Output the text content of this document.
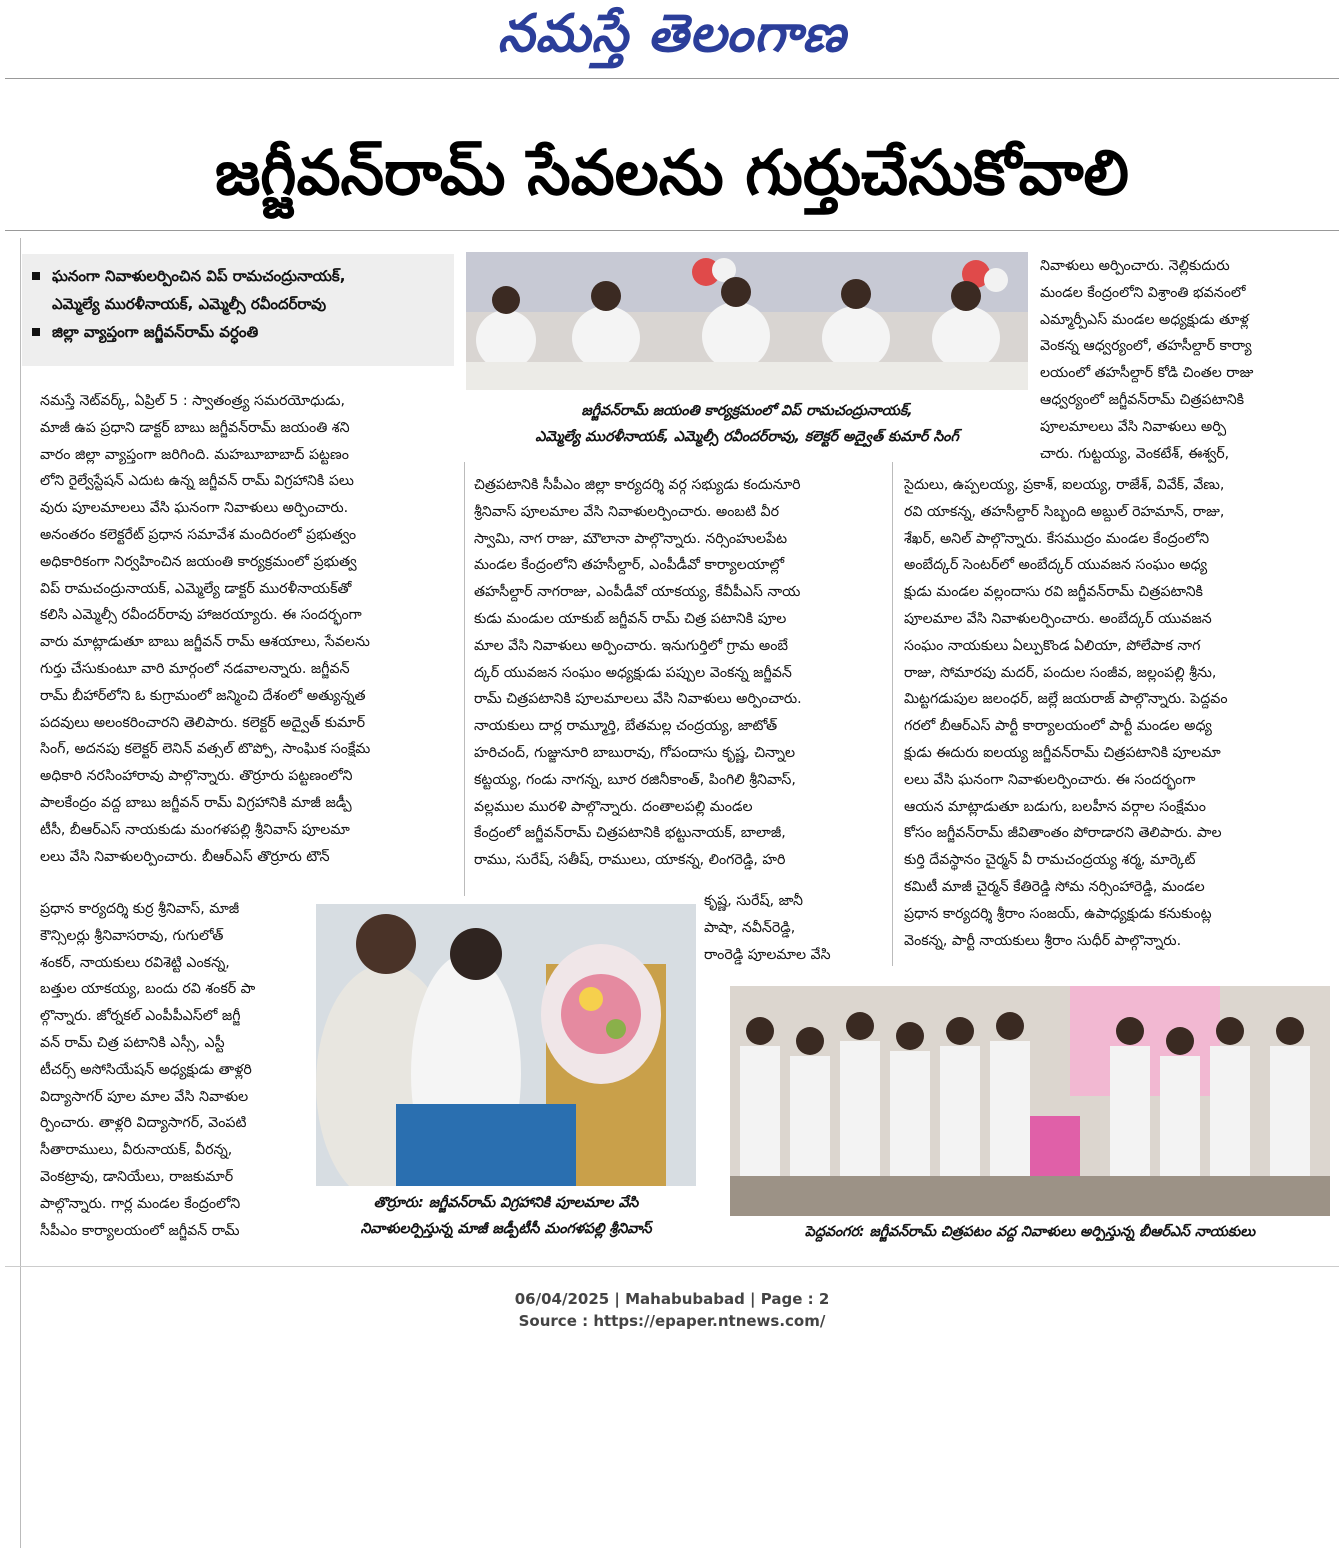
నమస్తే తెలంగాణ
జగ్జీవన్‌రామ్ సేవలను గుర్తుచేసుకోవాలి
ఘనంగా నివాళులర్పించిన విప్ రామచంద్రునాయక్,
ఎమ్మెల్యే మురళీనాయక్, ఎమ్మెల్సీ రవీందర్‌రావు
జిల్లా వ్యాప్తంగా జగ్జీవన్‌రామ్ వర్ధంతి
నమస్తే నెట్‌వర్క్, ఏప్రిల్ 5 : స్వాతంత్ర్య సమరయోధుడు,
మాజీ ఉప ప్రధాని డాక్టర్ బాబు జగ్జీవన్‌రామ్ జయంతి శని
వారం జిల్లా వ్యాప్తంగా జరిగింది. మహబూబాబాద్ పట్టణం
లోని రైల్వేస్టేషన్ ఎదుట ఉన్న జగ్జీవన్ రామ్ విగ్రహానికి పలు
వురు పూలమాలలు వేసి ఘనంగా నివాళులు అర్పించారు.
అనంతరం కలెక్టరేట్ ప్రధాన సమావేశ మందిరంలో ప్రభుత్వం
అధికారికంగా నిర్వహించిన జయంతి కార్యక్రమంలో ప్రభుత్వ
విప్ రామచంద్రునాయక్, ఎమ్మెల్యే డాక్టర్ మురళీనాయక్‌తో
కలిసి ఎమ్మెల్సీ రవీందర్‌రావు హాజరయ్యారు. ఈ సందర్భంగా
వారు మాట్లాడుతూ బాబు జగ్జీవన్ రామ్ ఆశయాలు, సేవలను
గుర్తు చేసుకుంటూ వారి మార్గంలో నడవాలన్నారు. జగ్జీవన్
రామ్ బీహార్‌లోని ఓ కుగ్రామంలో జన్మించి దేశంలో అత్యున్నత
పదవులు అలంకరించారని తెలిపారు. కలెక్టర్ అద్వైత్ కుమార్
సింగ్, అదనపు కలెక్టర్ లెనిన్ వత్సల్ టొప్పో, సాంఘిక సంక్షేమ
అధికారి నరసింహారావు పాల్గొన్నారు. తొర్రూరు పట్టణంలోని
పాలకేంద్రం వద్ద బాబు జగ్జీవన్ రామ్ విగ్రహానికి మాజీ జడ్పీ
టీసీ, బీఆర్‌ఎస్ నాయకుడు మంగళపల్లి శ్రీనివాస్ పూలమా
లలు వేసి నివాళులర్పించారు. బీఆర్‌ఎస్ తొర్రూరు టౌన్
ప్రధాన కార్యదర్శి కుర్ర శ్రీనివాస్, మాజీ
కౌన్సిలర్లు శ్రీనివాసరావు, గుగులోత్
శంకర్, నాయకులు రవిశెట్టి ఎంకన్న,
బత్తుల యాకయ్య, బందు రవి శంకర్ పా
ల్గొన్నారు. జోర్నకల్ ఎంపీపీఎస్‌లో జగ్జీ
వన్ రామ్ చిత్ర పటానికి ఎస్సీ, ఎస్టీ
టీచర్స్ అసోసియేషన్ అధ్యక్షుడు తాళ్లరి
విద్యాసాగర్ పూల మాల వేసి నివాళుల
ర్పించారు. తాళ్లరి విద్యాసాగర్, వెంపటి
సీతారాములు, వీరునాయక్, వీరన్న,
వెంకట్రావు, డానియేలు, రాజకుమార్
పాల్గొన్నారు. గార్ల మండల కేంద్రంలోని
సీపీఎం కార్యాలయంలో జగ్జీవన్ రామ్
జగ్జీవన్‌రామ్ జయంతి కార్యక్రమంలో విప్ రామచంద్రునాయక్,
ఎమ్మెల్యే మురళీనాయక్, ఎమ్మెల్సీ రవీందర్‌రావు, కలెక్టర్ అద్వైత్ కుమార్ సింగ్
చిత్రపటానికి సీపీఎం జిల్లా కార్యదర్శి వర్గ సభ్యుడు కందునూరి
శ్రీనివాస్ పూలమాల వేసి నివాళులర్పించారు. అంబటి వీర
స్వామి, నాగ రాజు, మౌలానా పాల్గొన్నారు. నర్సింహులపేట
మండల కేంద్రంలోని తహసీల్దార్, ఎంపీడీవో కార్యాలయాల్లో
తహసీల్దార్ నాగరాజు, ఎంపీడీవో యాకయ్య, కేవీపీఎస్ నాయ
కుడు మండుల యాకుబ్ జగ్జీవన్ రామ్ చిత్ర పటానికి పూల
మాల వేసి నివాళులు అర్పించారు. ఇనుగుర్తిలో గ్రామ అంబే
ద్కర్ యువజన సంఘం అధ్యక్షుడు పప్పుల వెంకన్న జగ్జీవన్
రామ్ చిత్రపటానికి పూలమాలలు వేసి నివాళులు అర్పించారు.
నాయకులు దార్ల రామ్మూర్తి, బేతమల్ల చంద్రయ్య, జాటోత్
హరిచంద్, గుజ్జునూరి బాబురావు, గోపందాసు కృష్ణ, చిన్నాల
కట్టయ్య, గండు నాగన్న, బూర రజినీకాంత్, పింగిలి శ్రీనివాస్,
వల్లముల మురళి పాల్గొన్నారు. దంతాలపల్లి మండల
కేంద్రంలో జగ్జీవన్‌రామ్ చిత్రపటానికి భట్టునాయక్, బాలాజీ,
రాము, సురేష్, సతీష్, రాములు, యాకన్న, లింగరెడ్డి, హరి
కృష్ణ, సురేష్, జానీ
పాషా, నవీన్‌రెడ్డి,
రాంరెడ్డి పూలమాల వేసి
నివాళులు అర్పించారు. నెల్లికుదురు
మండల కేంద్రంలోని విశ్రాంతి భవనంలో
ఎమ్మార్పీఎస్ మండల అధ్యక్షుడు తూళ్ల
వెంకన్న ఆధ్వర్యంలో, తహసీల్దార్ కార్యా
లయంలో తహసీల్దార్ కోడి చింతల రాజు
ఆధ్వర్యంలో జగ్జీవన్‌రామ్ చిత్రపటానికి
పూలమాలలు వేసి నివాళులు అర్పి
చారు. గుట్టయ్య, వెంకటేశ్, ఈశ్వర్,
సైదులు, ఉప్పలయ్య, ప్రకాశ్, ఐలయ్య, రాజేశ్, వివేక్, వేణు,
రవి యాకన్న, తహసీల్దార్ సిబ్బంది అబ్దుల్ రెహమాన్, రాజు,
శేఖర్, అనిల్ పాల్గొన్నారు. కేసముద్రం మండల కేంద్రంలోని
అంబేద్కర్ సెంటర్‌లో అంబేద్కర్ యువజన సంఘం అధ్య
క్షుడు మండల వల్లందాసు రవి జగ్జీవన్‌రామ్ చిత్రపటానికి
పూలమాల వేసి నివాళులర్పించారు. అంబేద్కర్ యువజన
సంఘం నాయకులు ఏల్పుకొండ ఏలియా, పోలేపాక నాగ
రాజు, సోమారపు మదర్, పందుల సంజీవ, జల్లంపల్లి శ్రీను,
మిట్టగడుపుల జలంధర్, జల్లే జయరాజ్ పాల్గొన్నారు. పెద్దవం
గరలో బీఆర్‌ఎస్ పార్టీ కార్యాలయంలో పార్టీ మండల అధ్య
క్షుడు ఈదురు ఐలయ్య జగ్జీవన్‌రామ్ చిత్రపటానికి పూలమా
లలు వేసి ఘనంగా నివాళులర్పించారు. ఈ సందర్భంగా
ఆయన మాట్లాడుతూ బడుగు, బలహీన వర్గాల సంక్షేమం
కోసం జగ్జీవన్‌రామ్ జీవితాంతం పోరాడారని తెలిపారు. పాల
కుర్తి దేవస్థానం చైర్మన్ వీ రామచంద్రయ్య శర్మ, మార్కెట్
కమిటీ మాజీ చైర్మన్ కేతిరెడ్డి సోమ నర్సింహారెడ్డి, మండల
ప్రధాన కార్యదర్శి శ్రీరాం సంజయ్, ఉపాధ్యక్షుడు కనుకుంట్ల
వెంకన్న, పార్టీ నాయకులు శ్రీరాం సుధీర్ పాల్గొన్నారు.
తొర్రూరు: జగ్జీవన్‌రామ్ విగ్రహానికి పూలమాల వేసి
నివాళులర్పిస్తున్న మాజీ జడ్పీటీసీ మంగళపల్లి శ్రీనివాస్	పెద్దవంగర: జగ్జీవన్‌రామ్ చిత్రపటం వద్ద నివాళులు అర్పిస్తున్న బీఆర్‌ఎస్ నాయకులు
06/04/2025 | Mahabubabad | Page : 2
Source : https://epaper.ntnews.com/
